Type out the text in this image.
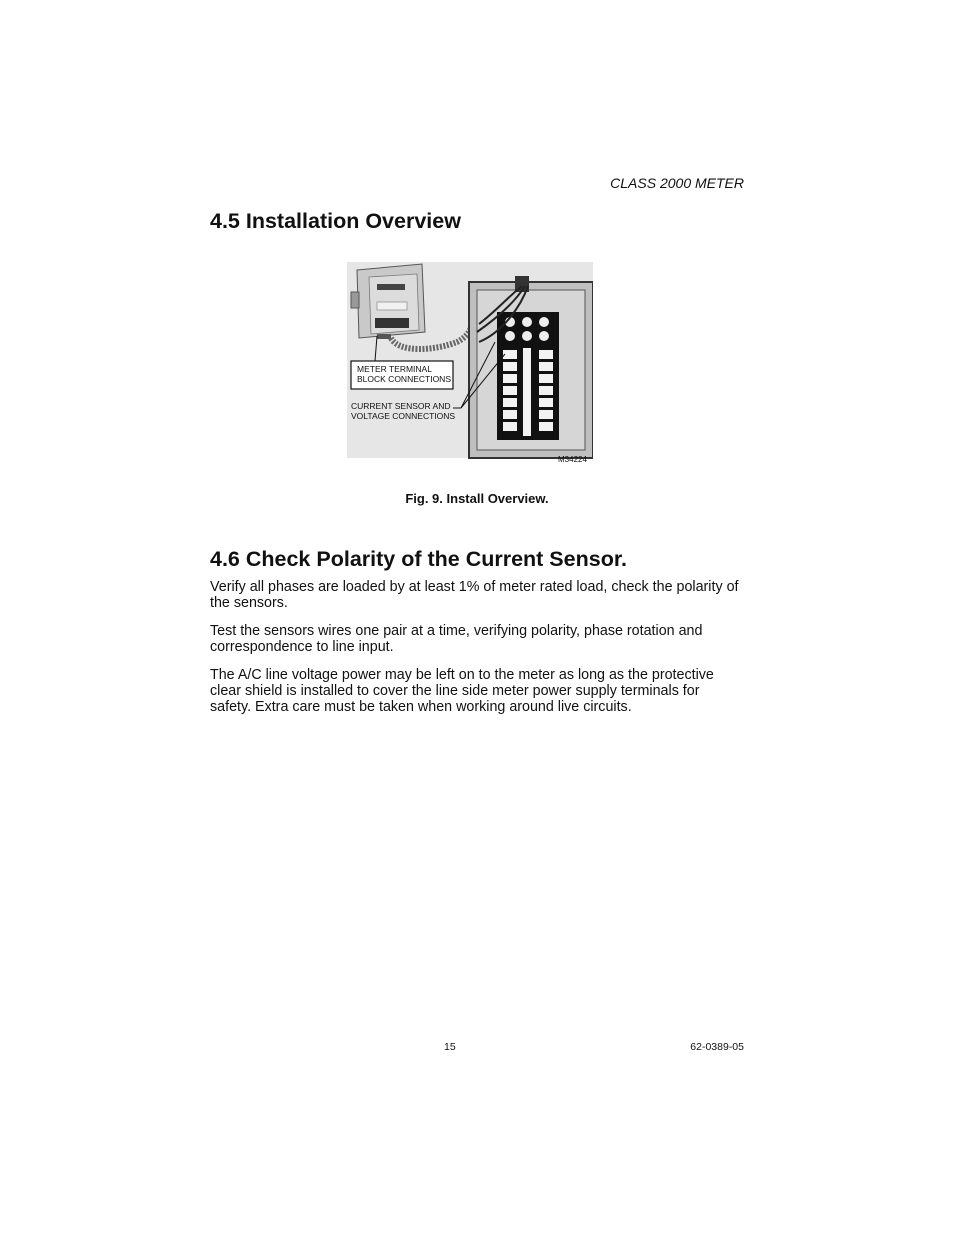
CLASS 2000 METER
4.5 Installation Overview
METER TERMINAL
BLOCK CONNECTIONS
CURRENT SENSOR AND
VOLTAGE CONNECTIONS
M34224
Fig. 9. Install Overview.
4.6 Check Polarity of the Current Sensor.

Verify all phases are loaded by at least 1% of meter rated load, check the polarity of the sensors.

Test the sensors wires one pair at a time, verifying polarity, phase rotation and correspondence to line input.

The A/C line voltage power may be left on to the meter as long as the protective clear shield is installed to cover the line side meter power supply terminals for safety. Extra care must be taken when working around live circuits.

15	62-0389-05
